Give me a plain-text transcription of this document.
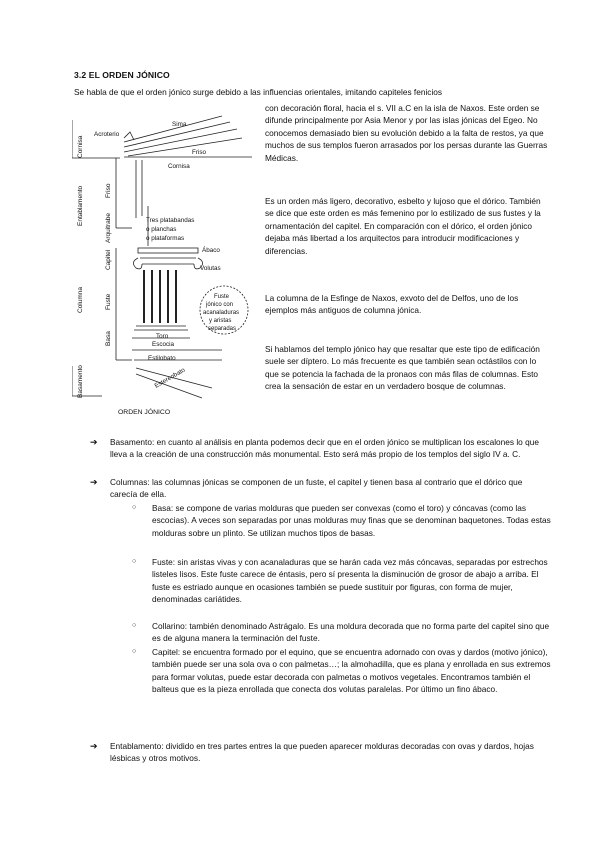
3.2 EL ORDEN JÓNICO

Se habla de que el orden jónico surge debido a las influencias orientales, imitando capiteles fenicios

Cornisa
Entablamento
Columna
Basamento
Friso
Arquitrabe
Capitel
Fuste
Basa
Acroterio
Sima
Friso
Cornisa
Tres platabandas
o planchas
o plataformas
Ábaco
Volutas
Fuste
jónico con
acanaladuras
y aristas
separadas
Toro
Escocia
Estilobato
Estereobato
ORDEN JÓNICO

con decoración floral, hacia el s. VII a.C en la isla de Naxos. Este orden se difunde principalmente por Asia Menor y por las islas jónicas del Egeo. No conocemos demasiado bien su evolución debido a la falta de restos, ya que muchos de sus templos fueron arrasados por los persas durante las Guerras Médicas.

Es un orden más ligero, decorativo, esbelto y lujoso que el dórico. También se dice que este orden es más femenino por lo estilizado de sus fustes y la ornamentación del capitel. En comparación con el dórico, el orden jónico dejaba más libertad a los arquitectos para introducir modificaciones y diferencias.

La columna de la Esfinge de Naxos, exvoto del de Delfos, uno de los ejemplos más antiguos de columna jónica.

Si hablamos del templo jónico hay que resaltar que este tipo de edificación suele ser díptero. Lo más frecuente es que también sean octástilos con lo que se potencia la fachada de la pronaos con más filas de columnas. Esto crea la sensación de estar en un verdadero bosque de columnas.

➔ Basamento: en cuanto al análisis en planta podemos decir que en el orden jónico se multiplican los escalones lo que lleva a la creación de una construcción más monumental. Esto será más propio de los templos del siglo IV a. C.
➔ Columnas: las columnas jónicas se componen de un fuste, el capitel y tienen basa al contrario que el dórico que carecía de ella.
○ Basa: se compone de varias molduras que pueden ser convexas (como el toro) y cóncavas (como las escocias). A veces son separadas por unas molduras muy finas que se denominan baquetones. Todas estas molduras sobre un plinto. Se utilizan muchos tipos de basas.
○ Fuste: sin aristas vivas y con acanaladuras que se harán cada vez más cóncavas, separadas por estrechos listeles lisos. Este fuste carece de éntasis, pero sí presenta la disminución de grosor de abajo a arriba. El fuste es estriado aunque en ocasiones también se puede sustituir por figuras, con forma de mujer, denominadas cariátides.
○ Collarino: también denominado Astrágalo. Es una moldura decorada que no forma parte del capitel sino que es de alguna manera la terminación del fuste.
○ Capitel: se encuentra formado por el equino, que se encuentra adornado con ovas y dardos (motivo jónico), también puede ser una sola ova o con palmetas…; la almohadilla, que es plana y enrollada en sus extremos para formar volutas, puede estar decorada con palmetas o motivos vegetales. Encontramos también el balteus que es la pieza enrollada que conecta dos volutas paralelas. Por último un fino ábaco.
➔ Entablamento: dividido en tres partes entres la que pueden aparecer molduras decoradas con ovas y dardos, hojas lésbicas y otros motivos.
